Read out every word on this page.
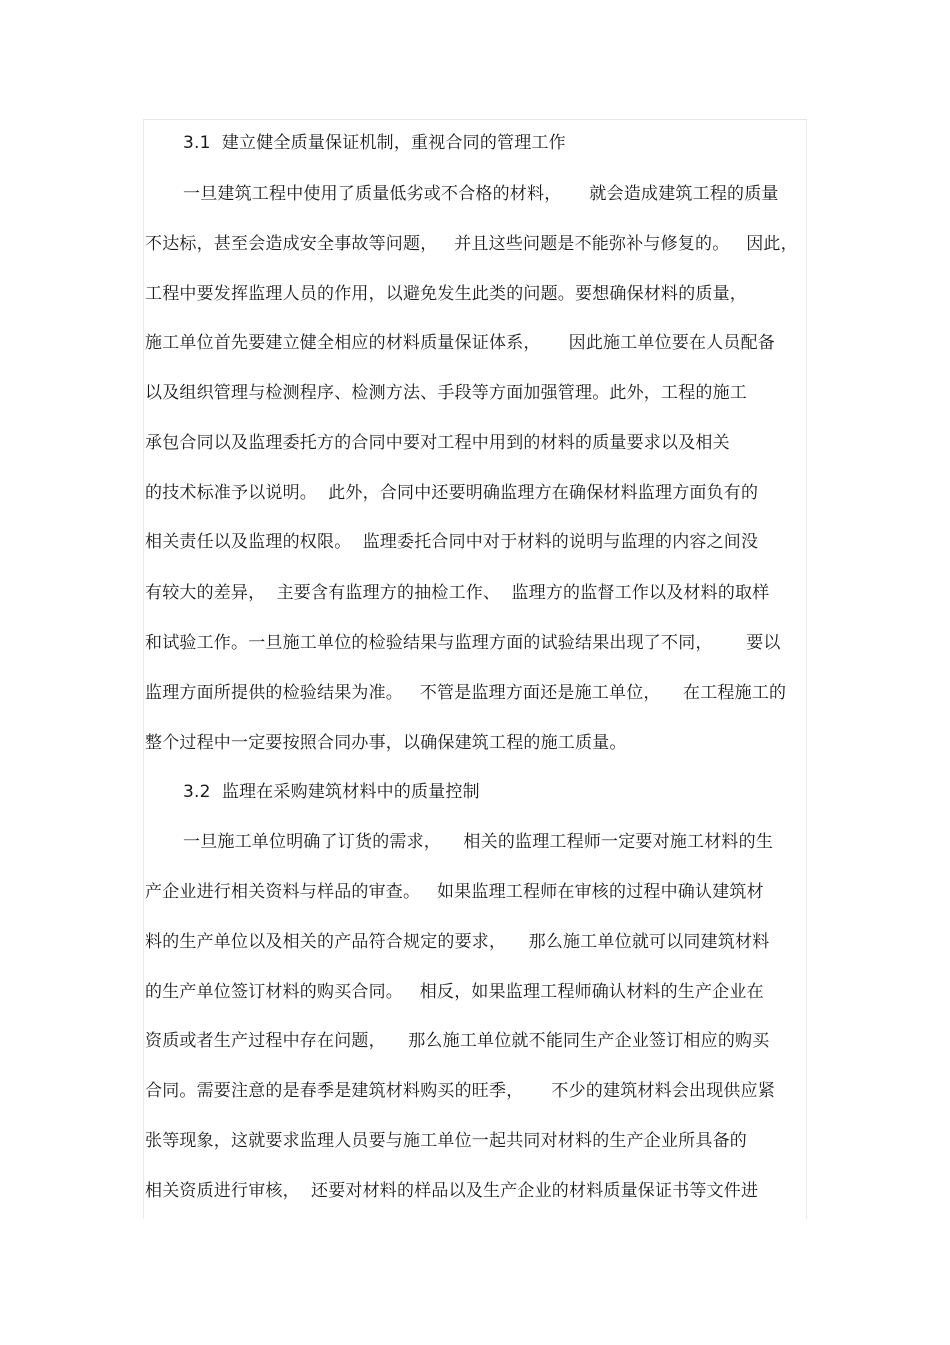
3.1  建立健全质量保证机制，重视合同的管理工作
一旦建筑工程中使用了质量低劣或不合格的材料，     就会造成建筑工程的质量
不达标，甚至会造成安全事故等问题，   并且这些问题是不能弥补与修复的。   因此，
工程中要发挥监理人员的作用，以避免发生此类的问题。要想确保材料的质量，
施工单位首先要建立健全相应的材料质量保证体系，     因此施工单位要在人员配备
以及组织管理与检测程序、检测方法、手段等方面加强管理。此外，工程的施工
承包合同以及监理委托方的合同中要对工程中用到的材料的质量要求以及相关
的技术标准予以说明。  此外，合同中还要明确监理方在确保材料监理方面负有的
相关责任以及监理的权限。  监理委托合同中对于材料的说明与监理的内容之间没
有较大的差异，  主要含有监理方的抽检工作、  监理方的监督工作以及材料的取样
和试验工作。一旦施工单位的检验结果与监理方面的试验结果出现了不同，      要以
监理方面所提供的检验结果为准。   不管是监理方面还是施工单位，    在工程施工的
整个过程中一定要按照合同办事，以确保建筑工程的施工质量。
3.2  监理在采购建筑材料中的质量控制
一旦施工单位明确了订货的需求，    相关的监理工程师一定要对施工材料的生
产企业进行相关资料与样品的审查。   如果监理工程师在审核的过程中确认建筑材
料的生产单位以及相关的产品符合规定的要求，    那么施工单位就可以同建筑材料
的生产单位签订材料的购买合同。   相反，如果监理工程师确认材料的生产企业在
资质或者生产过程中存在问题，    那么施工单位就不能同生产企业签订相应的购买
合同。需要注意的是春季是建筑材料购买的旺季，     不少的建筑材料会出现供应紧
张等现象，这就要求监理人员要与施工单位一起共同对材料的生产企业所具备的
相关资质进行审核，  还要对材料的样品以及生产企业的材料质量保证书等文件进
